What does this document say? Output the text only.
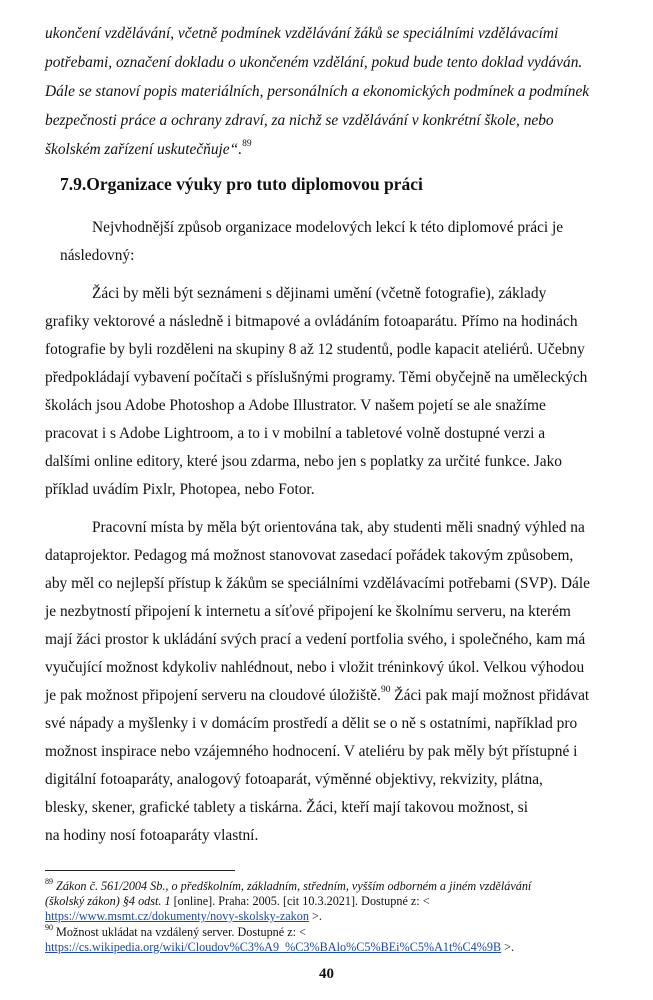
ukončení vzdělávání, včetně podmínek vzdělávání žáků se speciálními vzdělávacími
potřebami, označení dokladu o ukončeném vzdělání, pokud bude tento doklad vydáván.
Dále se stanoví popis materiálních, personálních a ekonomických podmínek a podmínek
bezpečnosti práce a ochrany zdraví, za nichž se vzdělávání v konkrétní škole, nebo
školském zařízení uskutečňuje“.$^{89}$
7.9.Organizace výuky pro tuto diplomovou práci
Nejvhodnější způsob organizace modelových lekcí k této diplomové práci je
následovný:
Žáci by měli být seznámeni s dějinami umění (včetně fotografie), základy
grafiky vektorové a následně i bitmapové a ovládáním fotoaparátu. Přímo na hodinách
fotografie by byli rozděleni na skupiny 8 až 12 studentů, podle kapacit ateliérů. Učebny
předpokládají vybavení počítači s příslušnými programy. Těmi obyčejně na uměleckých
školách jsou Adobe Photoshop a Adobe Illustrator. V našem pojetí se ale snažíme
pracovat i s Adobe Lightroom, a to i v mobilní a tabletové volně dostupné verzi a
dalšími online editory, které jsou zdarma, nebo jen s poplatky za určité funkce. Jako
příklad uvádím Pixlr, Photopea, nebo Fotor.
Pracovní místa by měla být orientována tak, aby studenti měli snadný výhled na
dataprojektor. Pedagog má možnost stanovovat zasedací pořádek takovým způsobem,
aby měl co nejlepší přístup k žákům se speciálními vzdělávacími potřebami (SVP). Dále
je nezbytností připojení k internetu a síťové připojení ke školnímu serveru, na kterém
mají žáci prostor k ukládání svých prací a vedení portfolia svého, i společného, kam má
vyučující možnost kdykoliv nahlédnout, nebo i vložit tréninkový úkol. Velkou výhodou
je pak možnost připojení serveru na cloudové úložiště.$^{90}$ Žáci pak mají možnost přidávat
své nápady a myšlenky i v domácím prostředí a dělit se o ně s ostatními, například pro
možnost inspirace nebo vzájemného hodnocení. V ateliéru by pak měly být přístupné i
digitální fotoaparáty, analogový fotoaparát, výměnné objektivy, rekvizity, plátna,
blesky, skener, grafické tablety a tiskárna. Žáci, kteří mají takovou možnost, si
na hodiny nosí fotoaparáty vlastní.
$^{89}$ Zákon č. 561/2004 Sb., o předškolním, základním, středním, vyšším odborném a jiném vzdělávání
(školský zákon) §4 odst. 1 [online]. Praha: 2005. [cit 10.3.2021]. Dostupné z: <
https://www.msmt.cz/dokumenty/novy-skolsky-zakon >.
$^{90}$ Možnost ukládat na vzdálený server. Dostupné z: <
https://cs.wikipedia.org/wiki/Cloudov%C3%A9_%C3%BAlo%C5%BEi%C5%A1t%C4%9B >.
40
